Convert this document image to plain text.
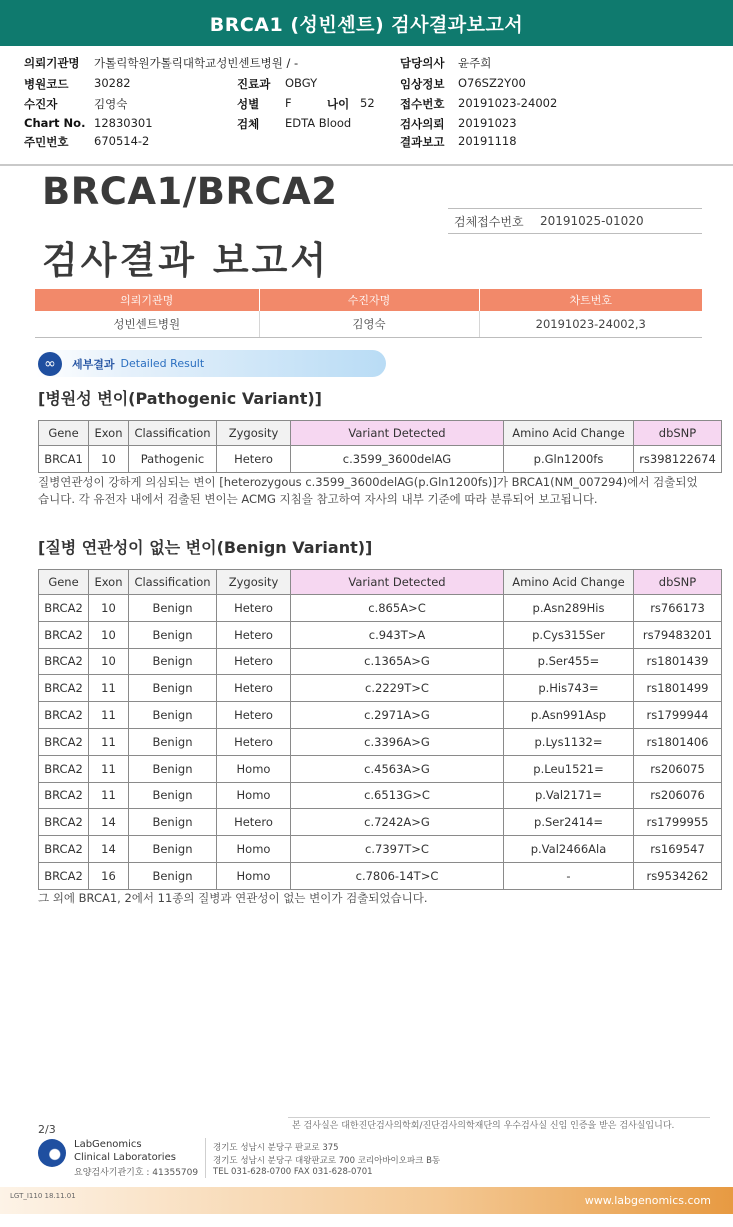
BRCA1 (성빈센트) 검사결과보고서
의뢰기관명	가톨릭학원가톨릭대학교성빈센트병원 / -	담당의사	윤주희
병원코드	30282	진료과	OBGY	임상정보	O76SZ2Y00
수진자	김영숙	성별	F	나이 52 접수번호	20191023-24002
Chart No. 12830301	검체	EDTA Blood	검사의뢰	20191023
주민번호	670514-2	결과보고	20191118
BRCA1/BRCA2
검사결과 보고서
검체접수번호	20191025-01020
의뢰기관명	수진자명	차트번호
성빈센트병원	김영숙	20191023-24002,3
∞	세부결과 Detailed Result
[병원성 변이(Pathogenic Variant)]
Gene	Exon	Classification	Zygosity	Variant Detected	Amino Acid Change	dbSNP
BRCA1	10	Pathogenic	Hetero	c.3599_3600delAG	p.Gln1200fs	rs398122674
질병연관성이 강하게 의심되는 변이 [heterozygous c.3599_3600delAG(p.Gln1200fs)]가 BRCA1(NM_007294)에서 검출되었
습니다. 각 유전자 내에서 검출된 변이는 ACMG 지침을 참고하여 자사의 내부 기준에 따라 분류되어 보고됩니다.
[질병 연관성이 없는 변이(Benign Variant)]
Gene	Exon	Classification	Zygosity	Variant Detected	Amino Acid Change	dbSNP
BRCA2	10	Benign	Hetero	c.865A>C	p.Asn289His	rs766173
BRCA2	10	Benign	Hetero	c.943T>A	p.Cys315Ser	rs79483201
BRCA2	10	Benign	Hetero	c.1365A>G	p.Ser455=	rs1801439
BRCA2	11	Benign	Hetero	c.2229T>C	p.His743=	rs1801499
BRCA2	11	Benign	Hetero	c.2971A>G	p.Asn991Asp	rs1799944
BRCA2	11	Benign	Hetero	c.3396A>G	p.Lys1132=	rs1801406
BRCA2	11	Benign	Homo	c.4563A>G	p.Leu1521=	rs206075
BRCA2	11	Benign	Homo	c.6513G>C	p.Val2171=	rs206076
BRCA2	14	Benign	Hetero	c.7242A>G	p.Ser2414=	rs1799955
BRCA2	14	Benign	Homo	c.7397T>C	p.Val2466Ala	rs169547
BRCA2	16	Benign	Homo	c.7806-14T>C	-	rs9534262
그 외에 BRCA1, 2에서 11종의 질병과 연관성이 없는 변이가 검출되었습니다.
본 검사실은 대한진단검사의학회/진단검사의학재단의 우수검사실 신임 인증을 받은 검사실입니다.
2/3
LabGenomics
Clinical Laboratories
요양검사기관기호 : 41355709
경기도 성남시 분당구 판교로 375
경기도 성남시 분당구 대왕판교로 700 코리아바이오파크 B동
TEL 031-628-0700 FAX 031-628-0701
LGT_I110 18.11.01	www.labgenomics.com
